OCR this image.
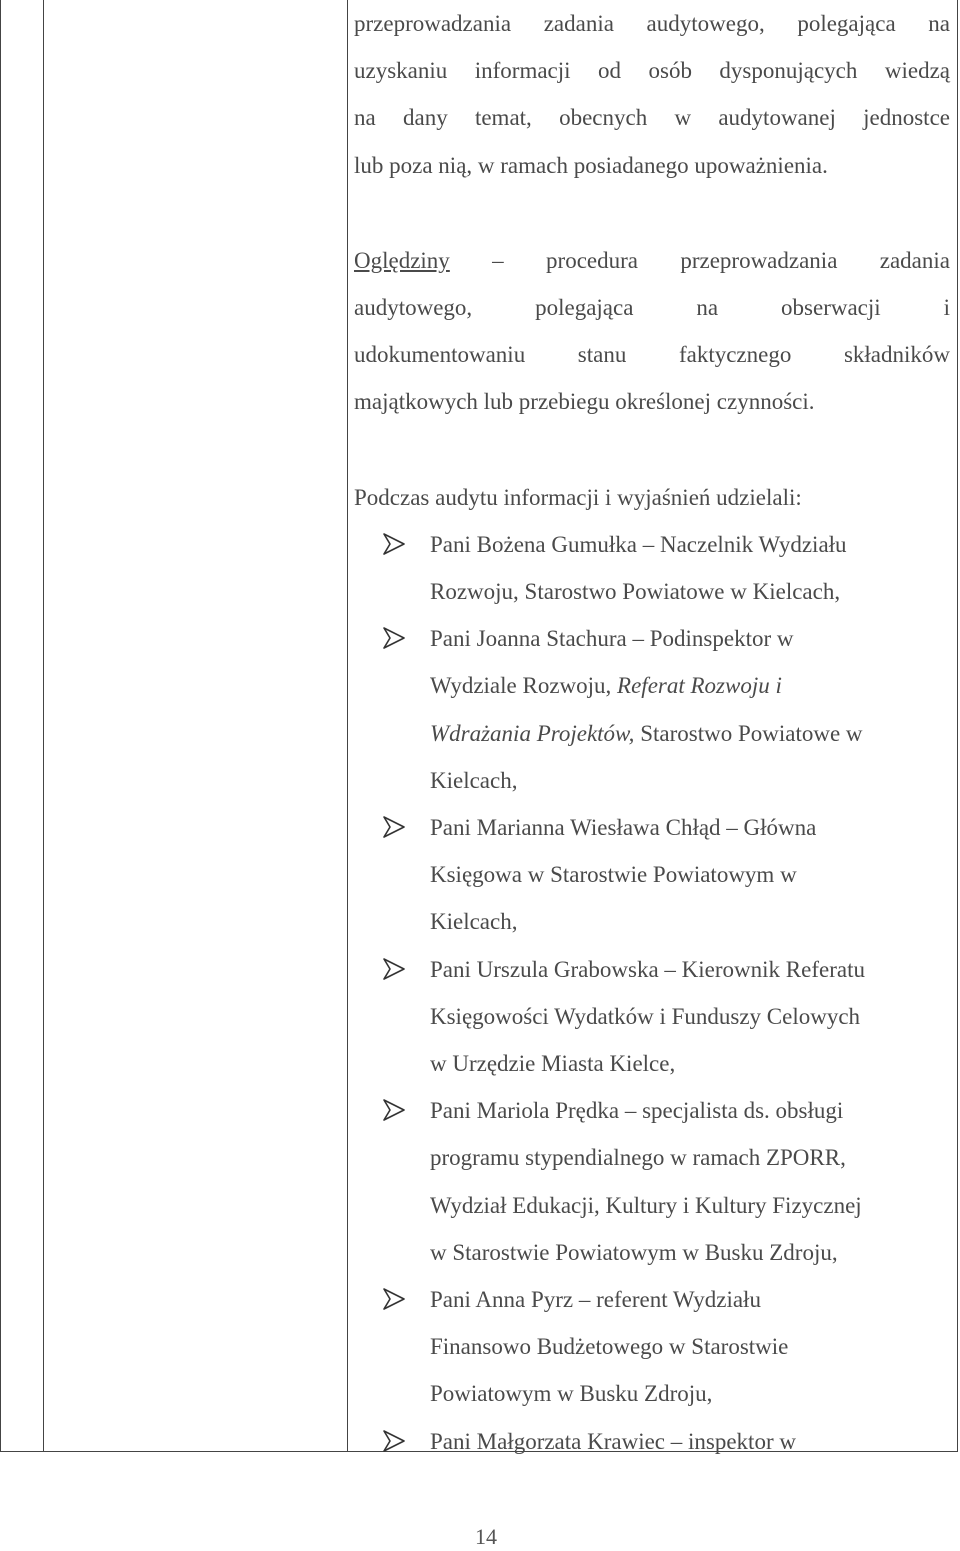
przeprowadzania zadania audytowego, polegająca na
uzyskaniu informacji od osób dysponujących wiedzą
na dany temat, obecnych w audytowanej jednostce
lub poza nią, w ramach posiadanego upoważnienia.
Oględziny – procedura przeprowadzania zadania
audytowego, polegająca na obserwacji i
udokumentowaniu stanu faktycznego składników
majątkowych lub przebiegu określonej czynności.
Podczas audytu informacji i wyjaśnień udzielali:
Pani Bożena Gumułka – Naczelnik Wydziału
Rozwoju, Starostwo Powiatowe w Kielcach,
Pani Joanna Stachura – Podinspektor w
Wydziale Rozwoju, Referat Rozwoju i
Wdrażania Projektów, Starostwo Powiatowe w
Kielcach,
Pani Marianna Wiesława Chłąd – Główna
Księgowa w Starostwie Powiatowym w
Kielcach,
Pani Urszula Grabowska – Kierownik Referatu
Księgowości Wydatków i Funduszy Celowych
w Urzędzie Miasta Kielce,
Pani Mariola Prędka – specjalista ds. obsługi
programu stypendialnego w ramach ZPORR,
Wydział Edukacji, Kultury i Kultury Fizycznej
w Starostwie Powiatowym w Busku Zdroju,
Pani Anna Pyrz – referent Wydziału
Finansowo Budżetowego w Starostwie
Powiatowym w Busku Zdroju,
Pani Małgorzata Krawiec – inspektor w
14
